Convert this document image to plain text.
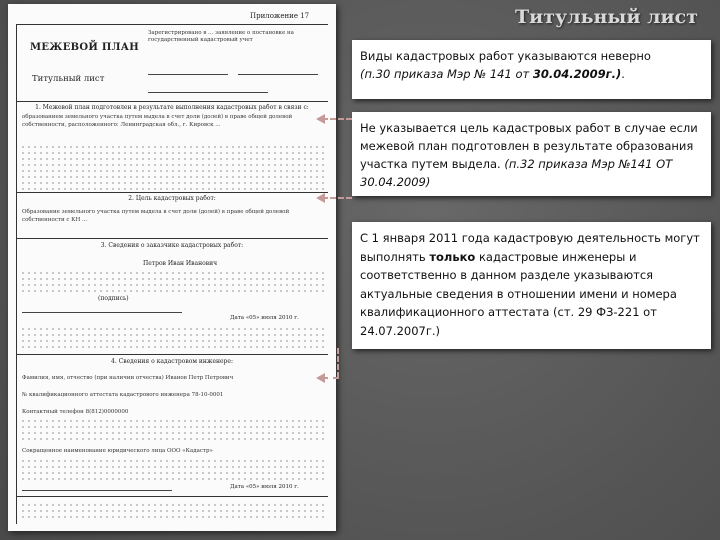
Титульный лист
Приложение 17
МЕЖЕВОЙ ПЛАН
Титульный лист
Зарегистрировано в ... заявление о постановке на государственный кадастровый учет
1. Межевой план подготовлен в результате выполнения кадастровых работ в связи с:
образованием земельного участка путем выдела в счет доли (долей) в праве общей долевой собственности, расположенного: Ленинградская обл., г. Кировск ...
2. Цель кадастровых работ:
Образование земельного участка путем выдела в счет доли (долей) в праве общей долевой собственности с КН ...
3. Сведения о заказчике кадастровых работ:
Петров Иван Иванович
(подпись)
Дата «05» июля 2010 г.
4. Сведения о кадастровом инженере:
Фамилия, имя, отчество (при наличии отчества) Иванов Петр Петрович
№ квалификационного аттестата кадастрового инженера 78-10-0001
Контактный телефон 8(812)0000000
Сокращенное наименование юридического лица ООО «Кадастр»
Дата «05» июля 2010 г.
Виды кадастровых работ указываются неверно
(п.30 приказа Мэр № 141 от 30.04.2009г.).
Не указывается цель кадастровых работ в случае если межевой план подготовлен в результате образования участка путем выдела. (п.32 приказа Мэр №141 ОТ 30.04.2009)
С 1 января 2011 года кадастровую деятельность могут выполнять только кадастровые инженеры и соответственно в данном разделе указываются актуальные сведения в отношении имени и номера квалификационного аттестата (ст. 29 ФЗ-221 от 24.07.2007г.)
